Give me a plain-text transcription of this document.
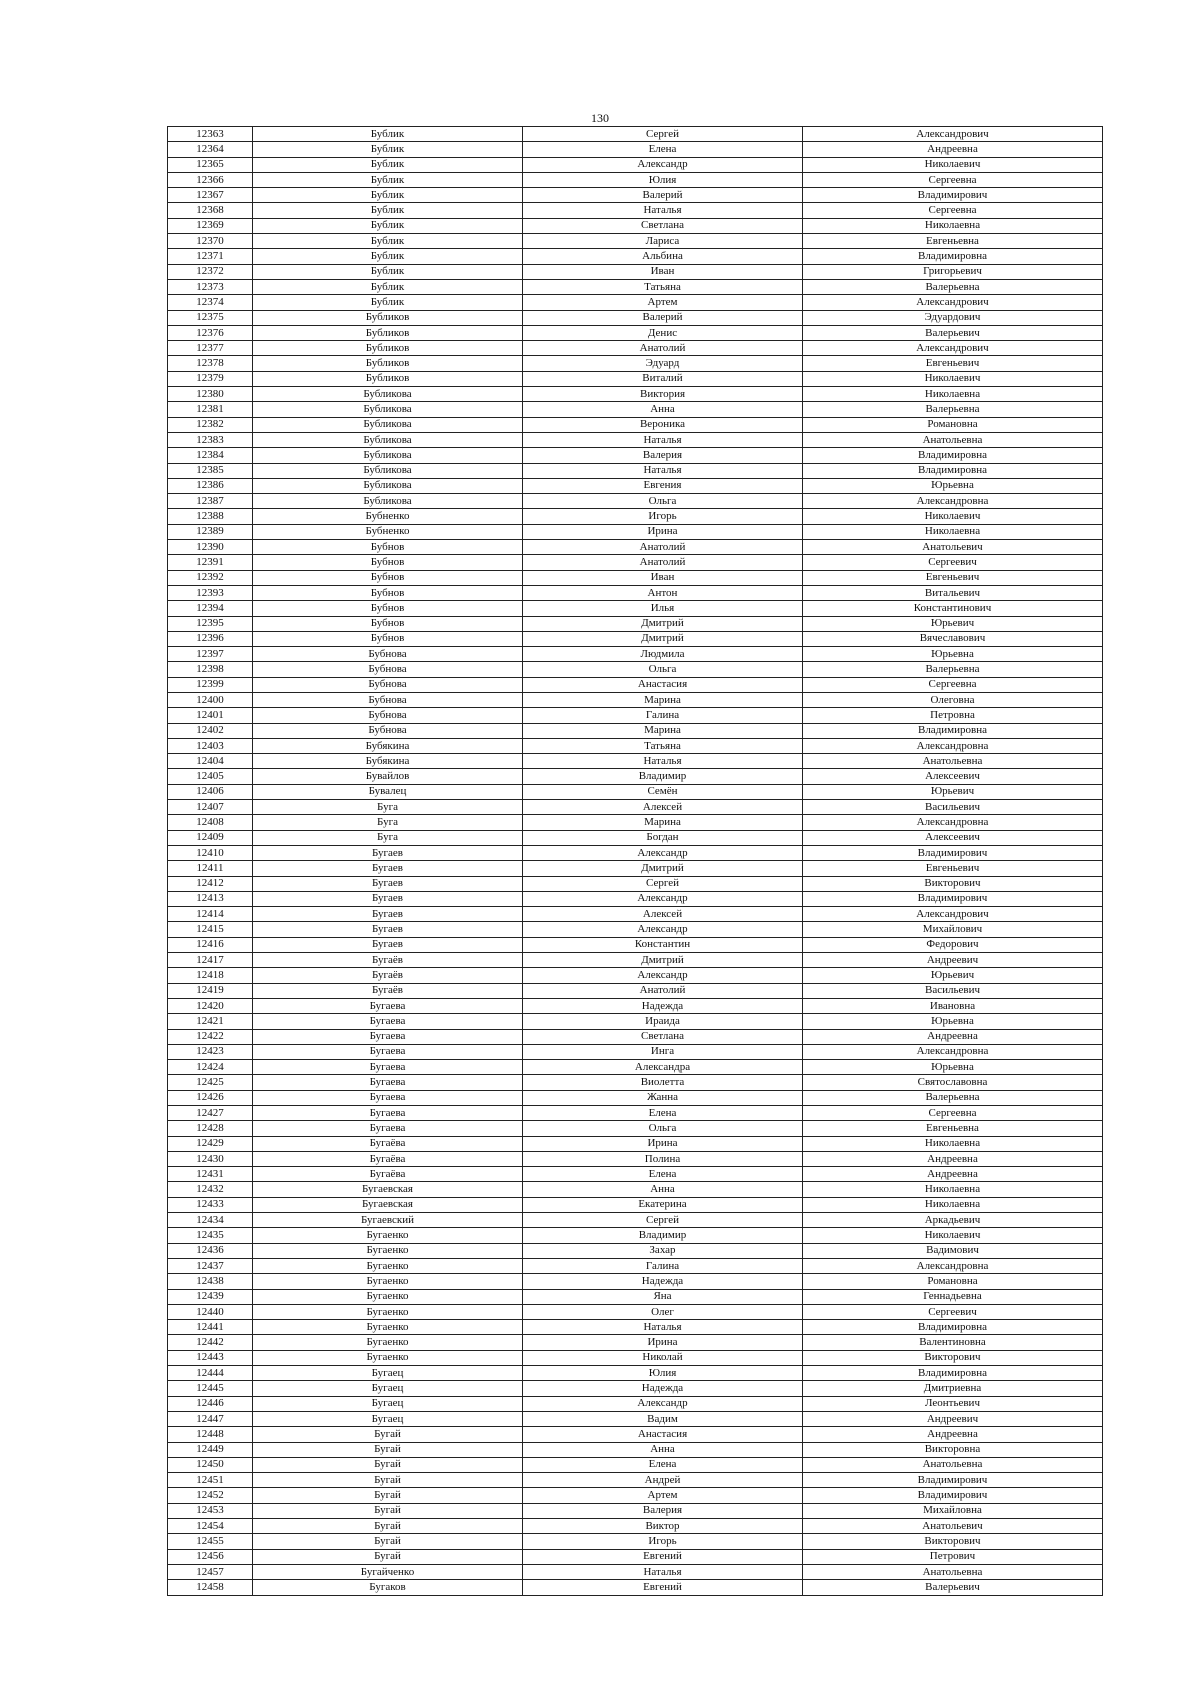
130
12363	Бублик	Сергей	Александрович
12364	Бублик	Елена	Андреевна
12365	Бублик	Александр	Николаевич
12366	Бублик	Юлия	Сергеевна
12367	Бублик	Валерий	Владимирович
12368	Бублик	Наталья	Сергеевна
12369	Бублик	Светлана	Николаевна
12370	Бублик	Лариса	Евгеньевна
12371	Бублик	Альбина	Владимировна
12372	Бублик	Иван	Григорьевич
12373	Бублик	Татьяна	Валерьевна
12374	Бублик	Артем	Александрович
12375	Бубликов	Валерий	Эдуардович
12376	Бубликов	Денис	Валерьевич
12377	Бубликов	Анатолий	Александрович
12378	Бубликов	Эдуард	Евгеньевич
12379	Бубликов	Виталий	Николаевич
12380	Бубликова	Виктория	Николаевна
12381	Бубликова	Анна	Валерьевна
12382	Бубликова	Вероника	Романовна
12383	Бубликова	Наталья	Анатольевна
12384	Бубликова	Валерия	Владимировна
12385	Бубликова	Наталья	Владимировна
12386	Бубликова	Евгения	Юрьевна
12387	Бубликова	Ольга	Александровна
12388	Бубненко	Игорь	Николаевич
12389	Бубненко	Ирина	Николаевна
12390	Бубнов	Анатолий	Анатольевич
12391	Бубнов	Анатолий	Сергеевич
12392	Бубнов	Иван	Евгеньевич
12393	Бубнов	Антон	Витальевич
12394	Бубнов	Илья	Константинович
12395	Бубнов	Дмитрий	Юрьевич
12396	Бубнов	Дмитрий	Вячеславович
12397	Бубнова	Людмила	Юрьевна
12398	Бубнова	Ольга	Валерьевна
12399	Бубнова	Анастасия	Сергеевна
12400	Бубнова	Марина	Олеговна
12401	Бубнова	Галина	Петровна
12402	Бубнова	Марина	Владимировна
12403	Бубякина	Татьяна	Александровна
12404	Бубякина	Наталья	Анатольевна
12405	Бувайлов	Владимир	Алексеевич
12406	Бувалец	Семён	Юрьевич
12407	Буга	Алексей	Васильевич
12408	Буга	Марина	Александровна
12409	Буга	Богдан	Алексеевич
12410	Бугаев	Александр	Владимирович
12411	Бугаев	Дмитрий	Евгеньевич
12412	Бугаев	Сергей	Викторович
12413	Бугаев	Александр	Владимирович
12414	Бугаев	Алексей	Александрович
12415	Бугаев	Александр	Михайлович
12416	Бугаев	Константин	Федорович
12417	Бугаёв	Дмитрий	Андреевич
12418	Бугаёв	Александр	Юрьевич
12419	Бугаёв	Анатолий	Васильевич
12420	Бугаева	Надежда	Ивановна
12421	Бугаева	Ираида	Юрьевна
12422	Бугаева	Светлана	Андреевна
12423	Бугаева	Инга	Александровна
12424	Бугаева	Александра	Юрьевна
12425	Бугаева	Виолетта	Святославовна
12426	Бугаева	Жанна	Валерьевна
12427	Бугаева	Елена	Сергеевна
12428	Бугаева	Ольга	Евгеньевна
12429	Бугаёва	Ирина	Николаевна
12430	Бугаёва	Полина	Андреевна
12431	Бугаёва	Елена	Андреевна
12432	Бугаевская	Анна	Николаевна
12433	Бугаевская	Екатерина	Николаевна
12434	Бугаевский	Сергей	Аркадьевич
12435	Бугаенко	Владимир	Николаевич
12436	Бугаенко	Захар	Вадимович
12437	Бугаенко	Галина	Александровна
12438	Бугаенко	Надежда	Романовна
12439	Бугаенко	Яна	Геннадьевна
12440	Бугаенко	Олег	Сергеевич
12441	Бугаенко	Наталья	Владимировна
12442	Бугаенко	Ирина	Валентиновна
12443	Бугаенко	Николай	Викторович
12444	Бугаец	Юлия	Владимировна
12445	Бугаец	Надежда	Дмитриевна
12446	Бугаец	Александр	Леонтьевич
12447	Бугаец	Вадим	Андреевич
12448	Бугай	Анастасия	Андреевна
12449	Бугай	Анна	Викторовна
12450	Бугай	Елена	Анатольевна
12451	Бугай	Андрей	Владимирович
12452	Бугай	Артем	Владимирович
12453	Бугай	Валерия	Михайловна
12454	Бугай	Виктор	Анатольевич
12455	Бугай	Игорь	Викторович
12456	Бугай	Евгений	Петрович
12457	Бугайченко	Наталья	Анатольевна
12458	Бугаков	Евгений	Валерьевич
